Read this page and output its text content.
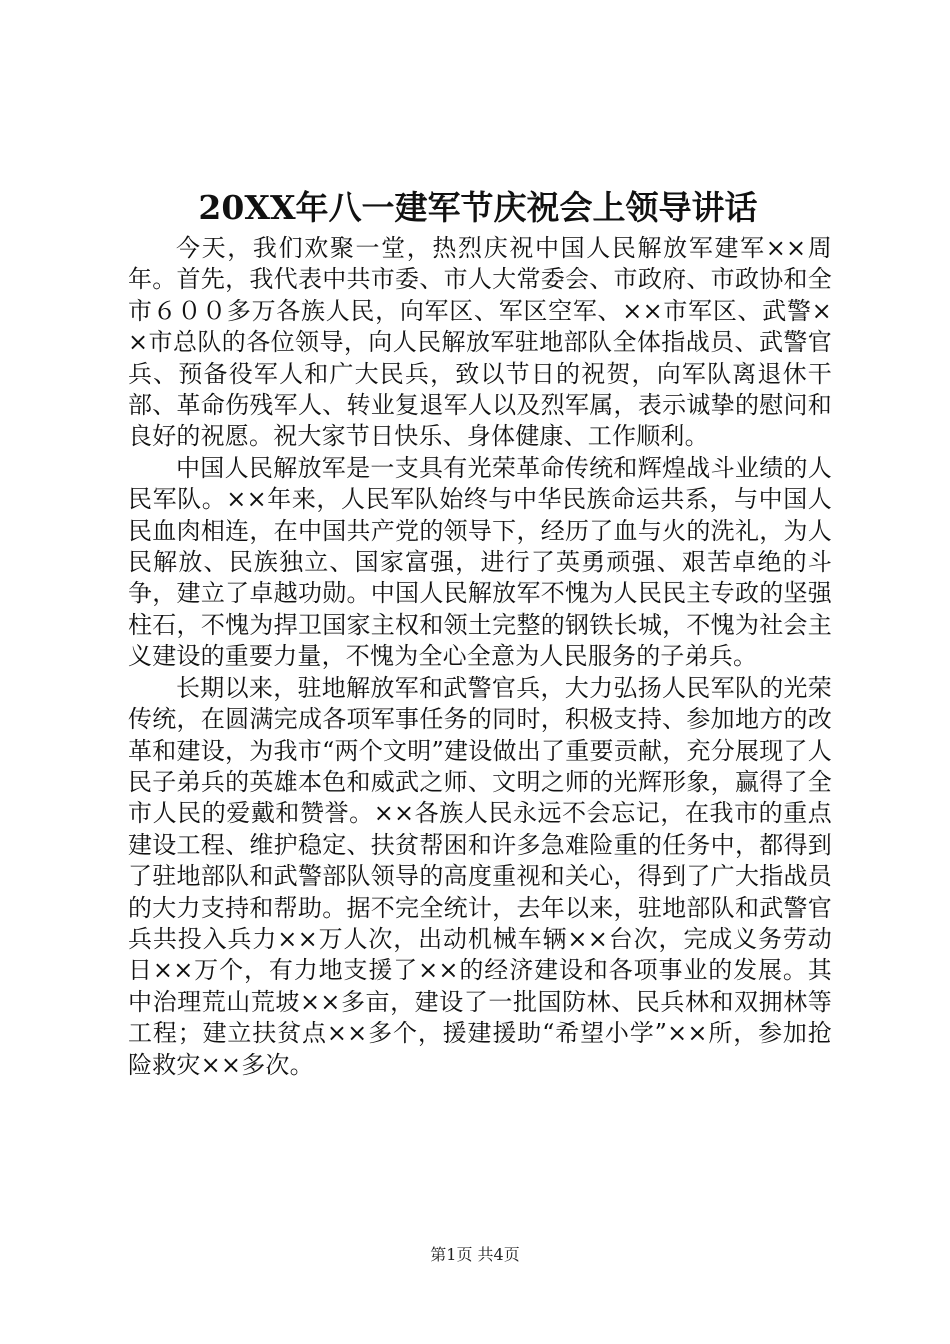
20XX年八一建军节庆祝会上领导讲话

今天，我们欢聚一堂，热烈庆祝中国人民解放军建军××周年。首先，我代表中共市委、市人大常委会、市政府、市政协和全市６００多万各族人民，向军区、军区空军、××市军区、武警××市总队的各位领导，向人民解放军驻地部队全体指战员、武警官兵、预备役军人和广大民兵，致以节日的祝贺，向军队离退休干部、革命伤残军人、转业复退军人以及烈军属，表示诚挚的慰问和良好的祝愿。祝大家节日快乐、身体健康、工作顺利。

中国人民解放军是一支具有光荣革命传统和辉煌战斗业绩的人民军队。××年来，人民军队始终与中华民族命运共系，与中国人民血肉相连，在中国共产党的领导下，经历了血与火的洗礼，为人民解放、民族独立、国家富强，进行了英勇顽强、艰苦卓绝的斗争，建立了卓越功勋。中国人民解放军不愧为人民民主专政的坚强柱石，不愧为捍卫国家主权和领土完整的钢铁长城，不愧为社会主义建设的重要力量，不愧为全心全意为人民服务的子弟兵。

长期以来，驻地解放军和武警官兵，大力弘扬人民军队的光荣传统，在圆满完成各项军事任务的同时，积极支持、参加地方的改革和建设，为我市“两个文明”建设做出了重要贡献，充分展现了人民子弟兵的英雄本色和威武之师、文明之师的光辉形象，赢得了全市人民的爱戴和赞誉。××各族人民永远不会忘记，在我市的重点建设工程、维护稳定、扶贫帮困和许多急难险重的任务中，都得到了驻地部队和武警部队领导的高度重视和关心，得到了广大指战员的大力支持和帮助。据不完全统计，去年以来，驻地部队和武警官兵共投入兵力××万人次，出动机械车辆××台次，完成义务劳动日××万个，有力地支援了××的经济建设和各项事业的发展。其中治理荒山荒坡××多亩，建设了一批国防林、民兵林和双拥林等工程；建立扶贫点××多个，援建援助“希望小学”××所，参加抢险救灾××多次。

第1页 共4页
